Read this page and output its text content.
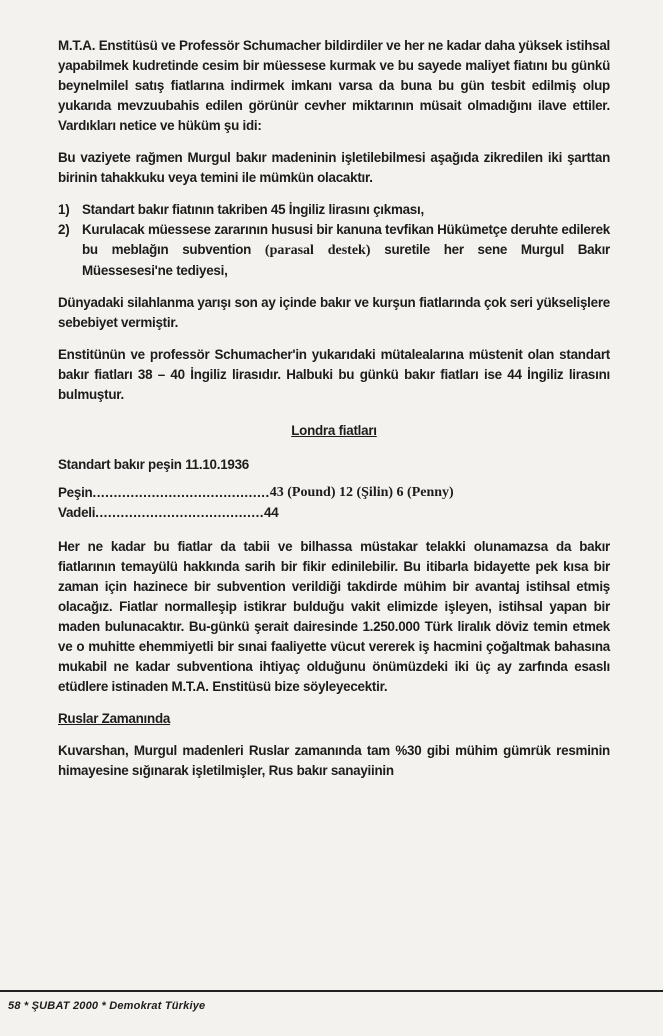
M.T.A. Enstitüsü ve Professör Schumacher bildirdiler ve her ne kadar daha yüksek istihsal yapabilmek kudretinde cesim bir müessese kurmak ve bu sayede maliyet fiatını bu günkü beynelmilel satış fiatlarına indirmek imkanı varsa da buna bu gün tesbit edilmiş olup yukarıda mevzuubahis edilen görünür cevher miktarının müsait olmadığını ilave ettiler. Vardıkları netice ve hüküm şu idi:

Bu vaziyete rağmen Murgul bakır madeninin işletilebilmesi aşağıda zikredilen iki şarttan birinin tahakkuku veya temini ile mümkün olacaktır.

1) Standart bakır fiatının takriben 45 İngiliz lirasını çıkması,
2) Kurulacak müessese zararının hususi bir kanuna tevfikan Hükümetçe deruhte edilerek bu meblağın subvention (parasal destek) suretile her sene Murgul Bakır Müessesesi'ne tediyesi,

Dünyadaki silahlanma yarışı son ay içinde bakır ve kurşun fiatlarında çok seri yükselişlere sebebiyet vermiştir.

Enstitünün ve professör Schumacher'in yukarıdaki mütalealarına müstenit olan standart bakır fiatları 38 – 40 İngiliz lirasıdır. Halbuki bu günkü bakır fiatları ise 44 İngiliz lirasını bulmuştur.

Londra fiatları
Standart bakır peşin 11.10.1936
Peşin .......................................... 43 (Pound) 12 (Şilin) 6 (Penny)
Vadeli ........................................ 44

Her ne kadar bu fiatlar da tabii ve bilhassa müstakar telakki olunamazsa da bakır fiatlarının temayülü hakkında sarih bir fikir edinilebilir. Bu itibarla bidayette pek kısa bir zaman için hazinece bir subvention verildiği takdirde mühim bir avantaj istihsal etmiş olacağız. Fiatlar normalleşip istikrar bulduğu vakit elimizde işleyen, istihsal yapan bir maden bulunacaktır. Bu-günkü şerait dairesinde 1.250.000 Türk liralık döviz temin etmek ve o muhitte ehemmiyetli bir sınai faaliyette vücut vererek iş hacmini çoğaltmak bahasına mukabil ne kadar subventiona ihtiyaç olduğunu önümüzdeki iki üç ay zarfında esaslı etüdlere istinaden M.T.A. Enstitüsü bize söyleyecektir.

Ruslar Zamanında

Kuvarshan, Murgul madenleri Ruslar zamanında tam %30 gibi mühim gümrük resminin himayesine sığınarak işletilmişler, Rus bakır sanayiinin

58 * ŞUBAT 2000 * Demokrat Türkiye
